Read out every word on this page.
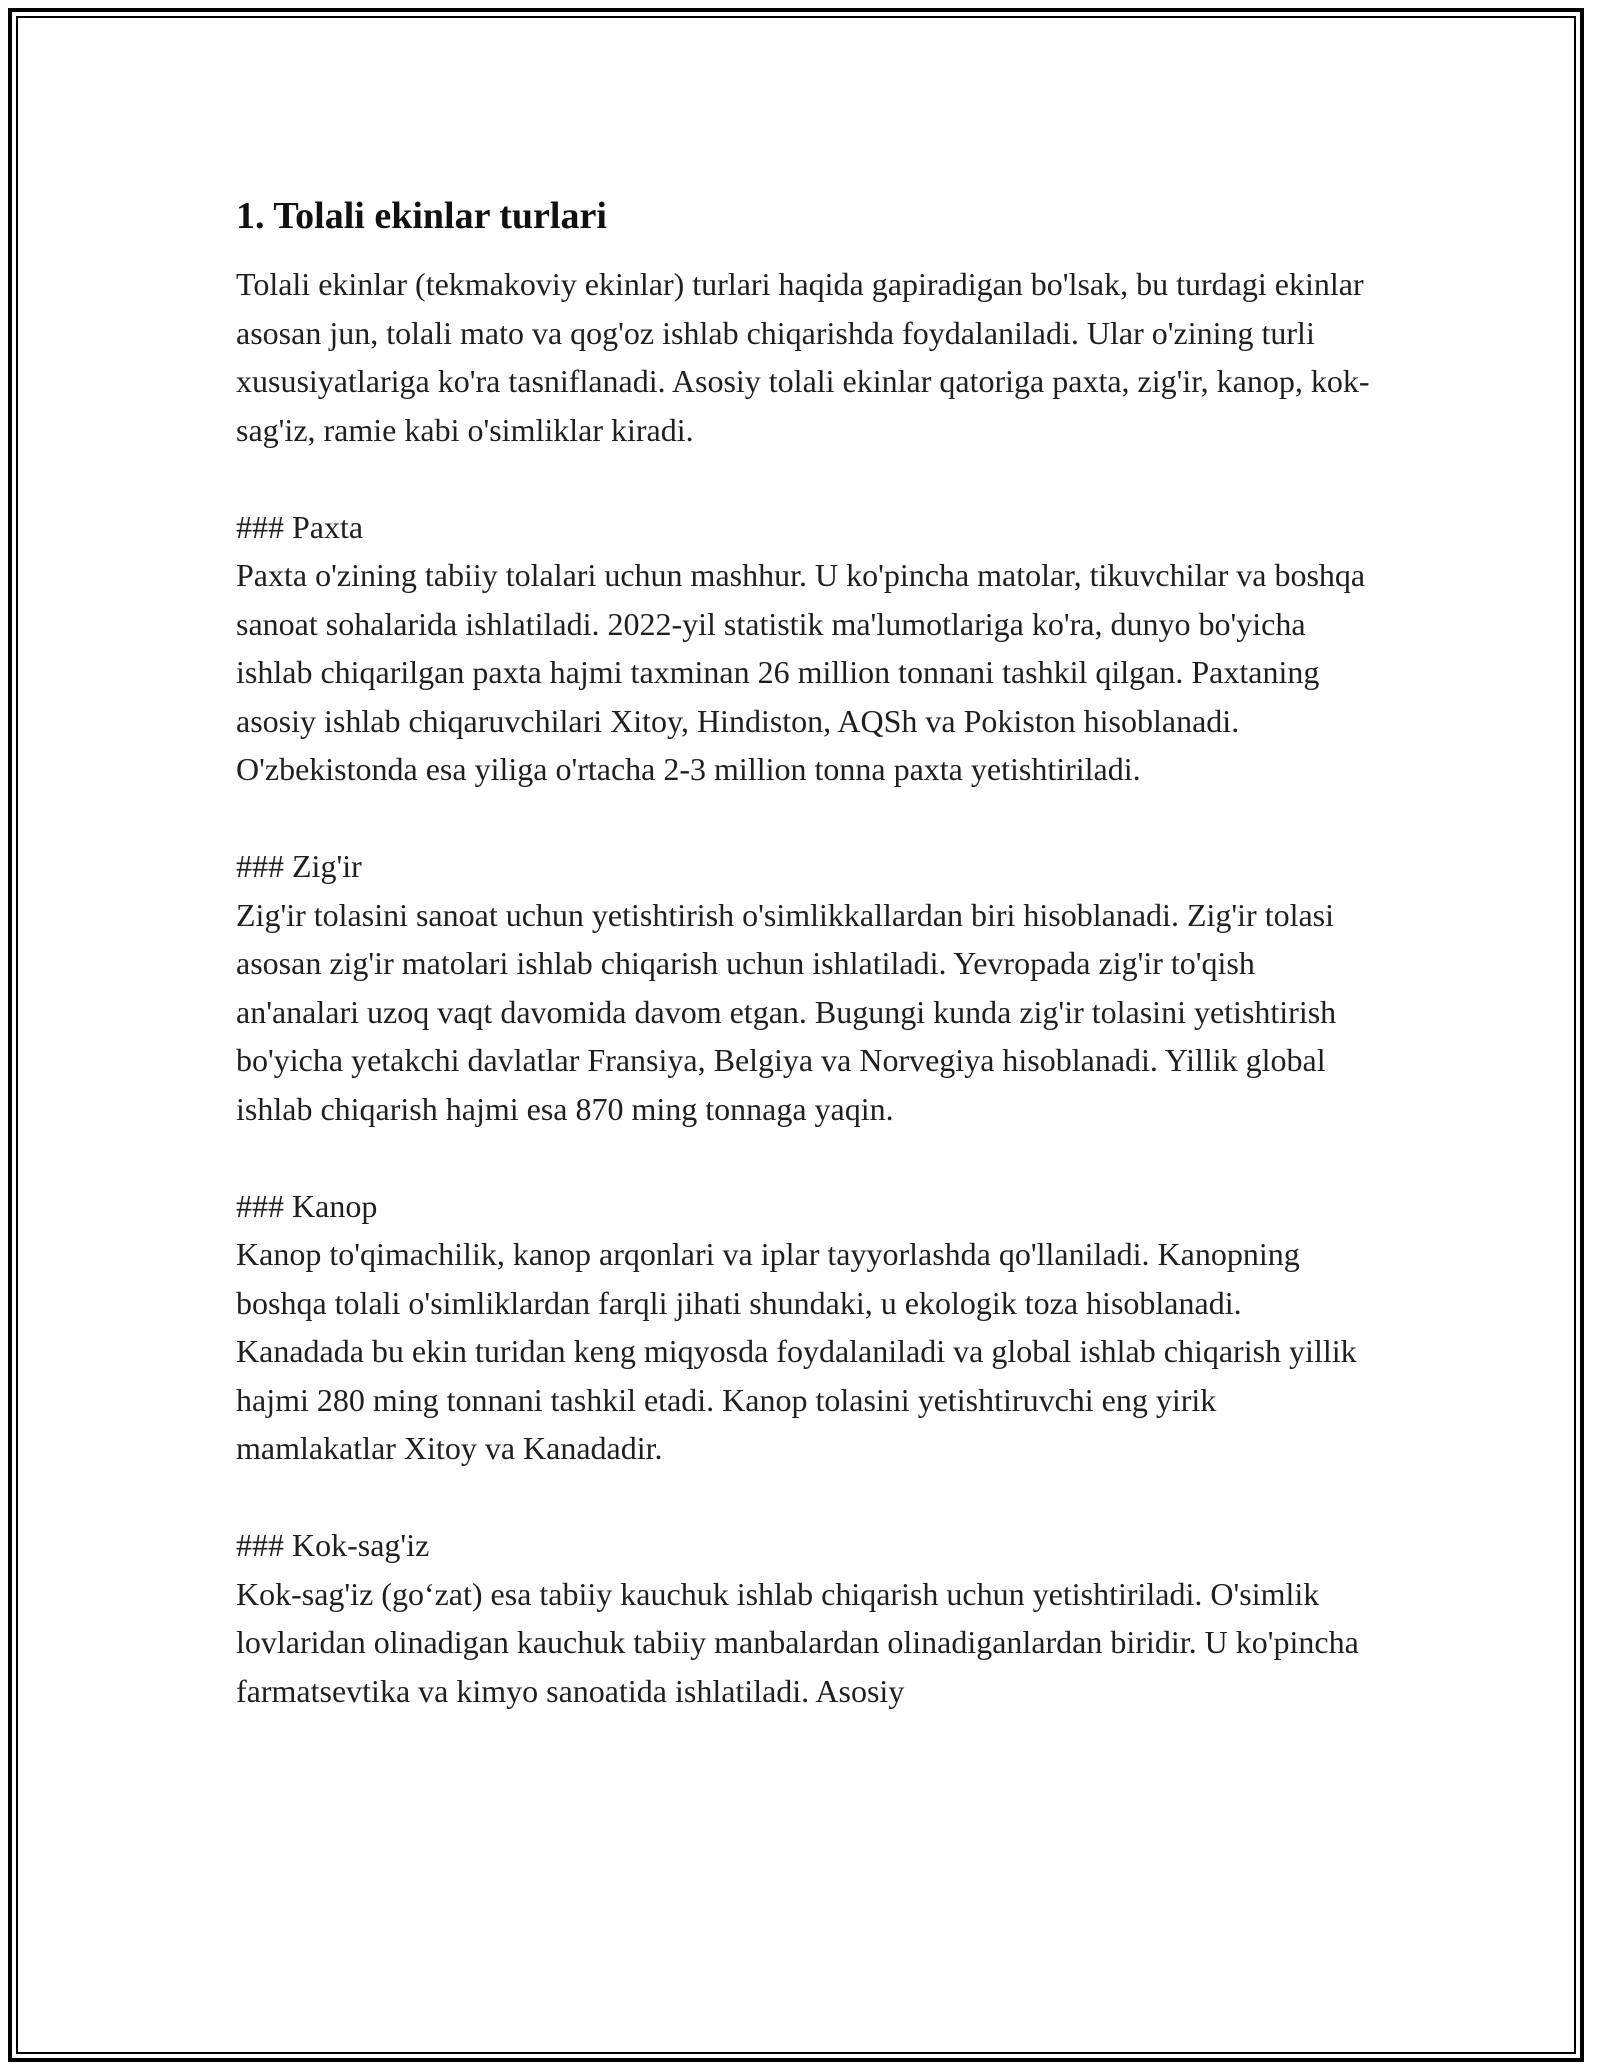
1. Tolali ekinlar turlari

Tolali ekinlar (tekmakoviy ekinlar) turlari haqida gapiradigan bo'lsak, bu turdagi ekinlar asosan jun, tolali mato va qog'oz ishlab chiqarishda foydalaniladi. Ular o'zining turli xususiyatlariga ko'ra tasniflanadi. Asosiy tolali ekinlar qatoriga paxta, zig'ir, kanop, kok-sag'iz, ramie kabi o'simliklar kiradi.

### Paxta

Paxta o'zining tabiiy tolalari uchun mashhur. U ko'pincha matolar, tikuvchilar va boshqa sanoat sohalarida ishlatiladi. 2022-yil statistik ma'lumotlariga ko'ra, dunyo bo'yicha ishlab chiqarilgan paxta hajmi taxminan 26 million tonnani tashkil qilgan. Paxtaning asosiy ishlab chiqaruvchilari Xitoy, Hindiston, AQSh va Pokiston hisoblanadi. O'zbekistonda esa yiliga o'rtacha 2-3 million tonna paxta yetishtiriladi.

### Zig'ir

Zig'ir tolasini sanoat uchun yetishtirish o'simlikkallardan biri hisoblanadi. Zig'ir tolasi asosan zig'ir matolari ishlab chiqarish uchun ishlatiladi. Yevropada zig'ir to'qish an'analari uzoq vaqt davomida davom etgan. Bugungi kunda zig'ir tolasini yetishtirish bo'yicha yetakchi davlatlar Fransiya, Belgiya va Norvegiya hisoblanadi. Yillik global ishlab chiqarish hajmi esa 870 ming tonnaga yaqin.

### Kanop

Kanop to'qimachilik, kanop arqonlari va iplar tayyorlashda qo'llaniladi. Kanopning boshqa tolali o'simliklardan farqli jihati shundaki, u ekologik toza hisoblanadi. Kanadada bu ekin turidan keng miqyosda foydalaniladi va global ishlab chiqarish yillik hajmi 280 ming tonnani tashkil etadi. Kanop tolasini yetishtiruvchi eng yirik mamlakatlar Xitoy va Kanadadir.

### Kok-sag'iz

Kok-sag'iz (go‘zat) esa tabiiy kauchuk ishlab chiqarish uchun yetishtiriladi. O'simlik lovlaridan olinadigan kauchuk tabiiy manbalardan olinadiganlardan biridir. U ko'pincha farmatsevtika va kimyo sanoatida ishlatiladi. Asosiy
